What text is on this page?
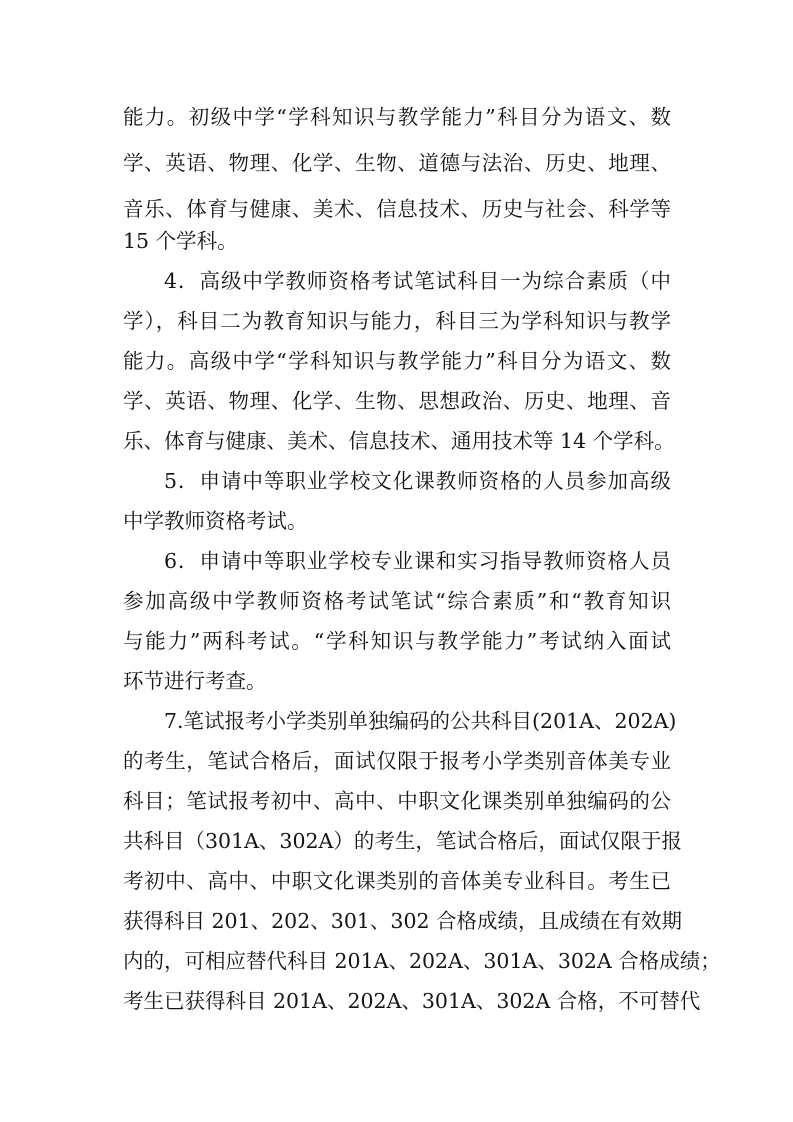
能力。初级中学“学科知识与教学能力”科目分为语文、数
学、英语、物理、化学、生物、道德与法治、历史、地理、
音乐、体育与健康、美术、信息技术、历史与社会、科学等
15 个学科。
4．高级中学教师资格考试笔试科目一为综合素质（中
学），科目二为教育知识与能力，科目三为学科知识与教学
能力。高级中学“学科知识与教学能力”科目分为语文、数
学、英语、物理、化学、生物、思想政治、历史、地理、音
乐、体育与健康、美术、信息技术、通用技术等 14 个学科。
5．申请中等职业学校文化课教师资格的人员参加高级
中学教师资格考试。
6．申请中等职业学校专业课和实习指导教师资格人员
参加高级中学教师资格考试笔试“综合素质”和“教育知识
与能力”两科考试。“学科知识与教学能力”考试纳入面试
环节进行考查。
7.笔试报考小学类别单独编码的公共科目(201A、202A)
的考生，笔试合格后，面试仅限于报考小学类别音体美专业
科目；笔试报考初中、高中、中职文化课类别单独编码的公
共科目（301A、302A）的考生，笔试合格后，面试仅限于报
考初中、高中、中职文化课类别的音体美专业科目。考生已
获得科目 201、202、301、302 合格成绩，且成绩在有效期
内的，可相应替代科目 201A、202A、301A、302A 合格成绩；
考生已获得科目 201A、202A、301A、302A 合格，不可替代
